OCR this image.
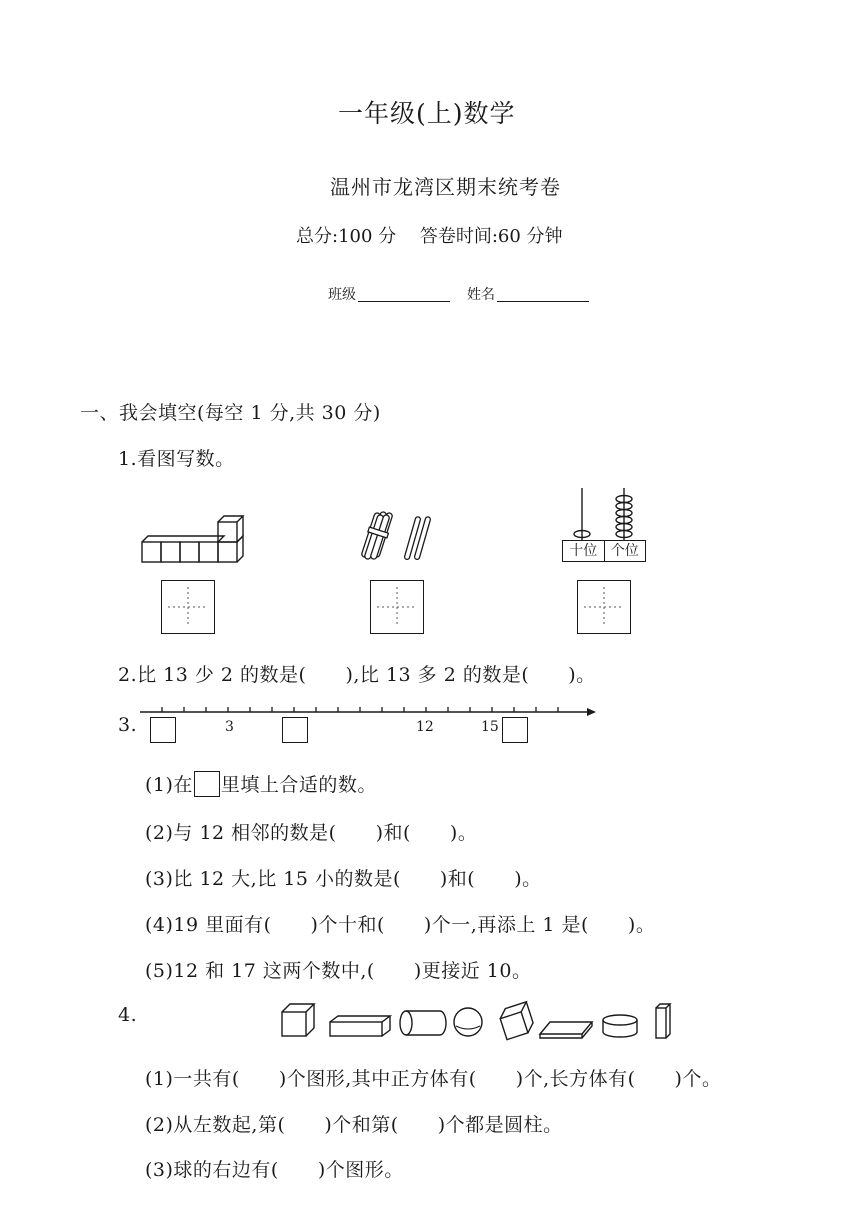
一年级(上)数学
温州市龙湾区期末统考卷
总分:100 分　 答卷时间:60 分钟
班级	姓名
一、我会填空(每空 1 分,共 30 分)
1.看图写数。
十位 个位
2.比 13 少 2 的数是(　　),比 13 多 2 的数是(　　)。
3.	3	12	15
(1)在 里填上合适的数。
(2)与 12 相邻的数是(　　)和(　　)。
(3)比 12 大,比 15 小的数是(　　)和(　　)。
(4)19 里面有(　　)个十和(　　)个一,再添上 1 是(　　)。
(5)12 和 17 这两个数中,(　　)更接近 10。
4.
(1)一共有(　　)个图形,其中正方体有(　　)个,长方体有(　　)个。
(2)从左数起,第(　　)个和第(　　)个都是圆柱。
(3)球的右边有(　　)个图形。
